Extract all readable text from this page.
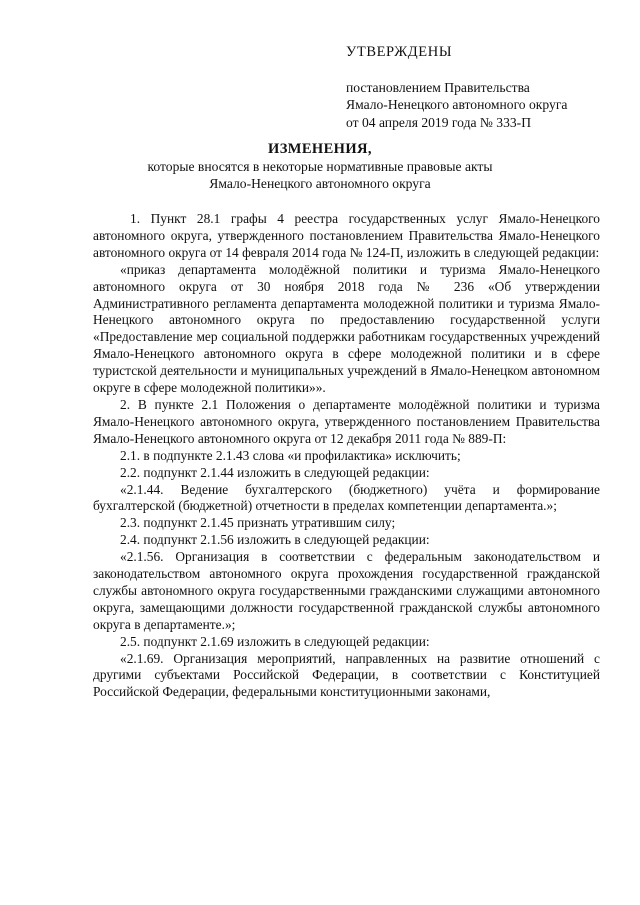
УТВЕРЖДЕНЫ
постановлением Правительства
Ямало-Ненецкого автономного округа
от 04 апреля 2019 года № 333-П
ИЗМЕНЕНИЯ,
которые вносятся в некоторые нормативные правовые акты
Ямало-Ненецкого автономного округа

1. Пункт 28.1 графы 4 реестра государственных услуг Ямало-Ненецкого автономного округа, утвержденного постановлением Правительства Ямало-Ненецкого автономного округа от 14 февраля 2014 года № 124-П, изложить в следующей редакции:

«приказ департамента молодёжной политики и туризма Ямало-Ненецкого автономного округа от 30 ноября 2018 года № 236 «Об утверждении Административного регламента департамента молодежной политики и туризма Ямало-Ненецкого автономного округа по предоставлению государственной услуги «Предоставление мер социальной поддержки работникам государственных учреждений Ямало-Ненецкого автономного округа в сфере молодежной политики и в сфере туристской деятельности и муниципальных учреждений в Ямало-Ненецком автономном округе в сфере молодежной политики»».

2. В пункте 2.1 Положения о департаменте молодёжной политики и туризма Ямало-Ненецкого автономного округа, утвержденного постановлением Правительства Ямало-Ненецкого автономного округа от 12 декабря 2011 года № 889-П:

2.1. в подпункте 2.1.43 слова «и профилактика» исключить;

2.2. подпункт 2.1.44 изложить в следующей редакции:

«2.1.44. Ведение бухгалтерского (бюджетного) учёта и формирование бухгалтерской (бюджетной) отчетности в пределах компетенции департамента.»;

2.3. подпункт 2.1.45 признать утратившим силу;

2.4. подпункт 2.1.56 изложить в следующей редакции:

«2.1.56. Организация в соответствии с федеральным законодательством и законодательством автономного округа прохождения государственной гражданской службы автономного округа государственными гражданскими служащими автономного округа, замещающими должности государственной гражданской службы автономного округа в департаменте.»;

2.5. подпункт 2.1.69 изложить в следующей редакции:

«2.1.69. Организация мероприятий, направленных на развитие отношений с другими субъектами Российской Федерации, в соответствии с Конституцией Российской Федерации, федеральными конституционными законами,
